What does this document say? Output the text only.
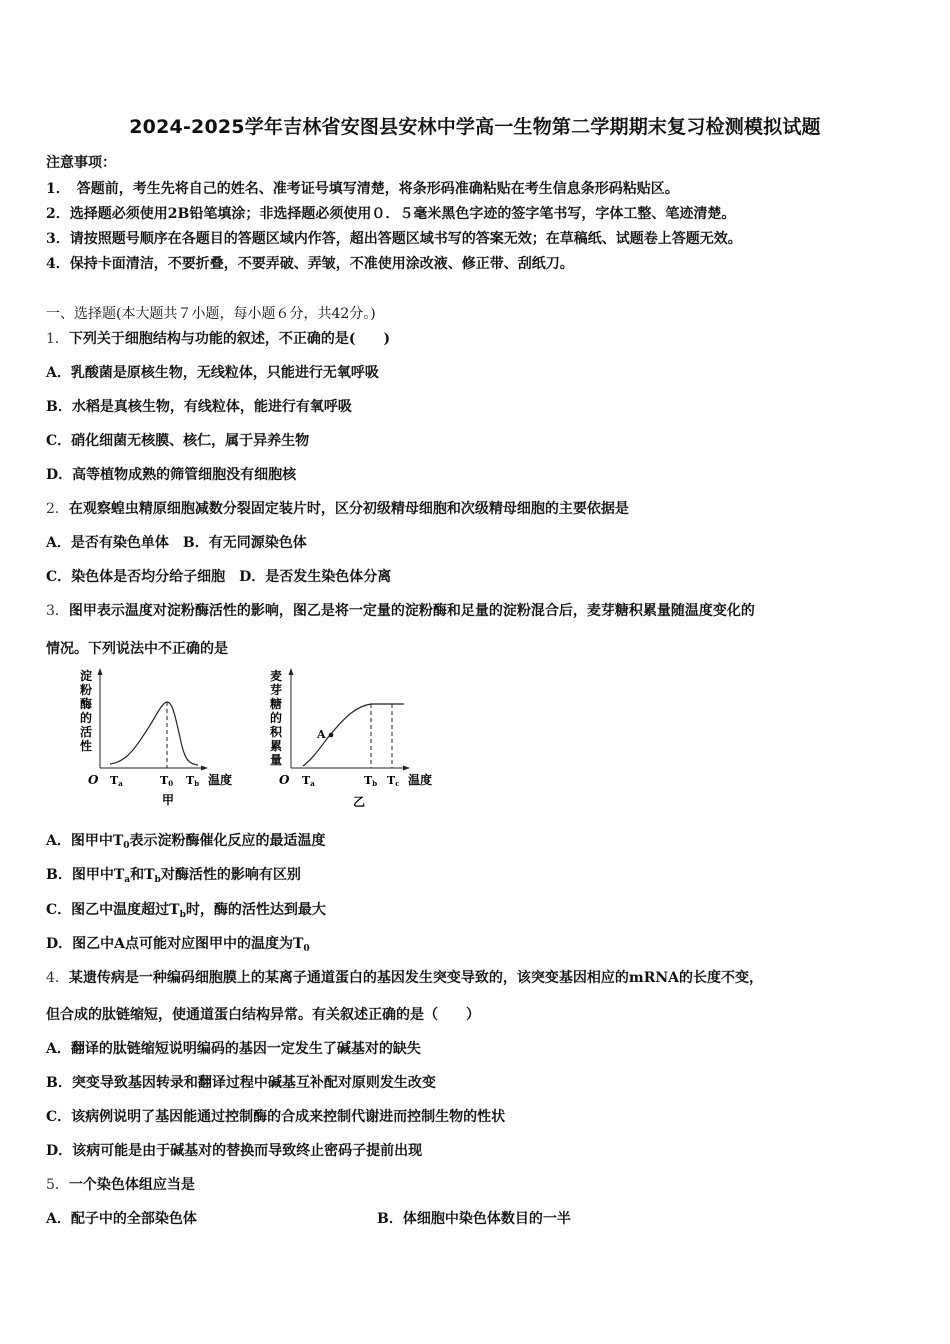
2024-2025学年吉林省安图县安林中学高一生物第二学期期末复习检测模拟试题
注意事项：
1．　答题前，考生先将自己的姓名、准考证号填写清楚，将条形码准确粘贴在考生信息条形码粘贴区。
2．选择题必须使用2B铅笔填涂；非选择题必须使用０．５毫米黑色字迹的签字笔书写，字体工整、笔迹清楚。
3．请按照题号顺序在各题目的答题区域内作答，超出答题区域书写的答案无效；在草稿纸、试题卷上答题无效。
4．保持卡面清洁，不要折叠，不要弄破、弄皱，不准使用涂改液、修正带、刮纸刀。
一、选择题(本大题共７小题，每小题６分，共42分。)
1．下列关于细胞结构与功能的叙述，不正确的是(　　)
A．乳酸菌是原核生物，无线粒体，只能进行无氧呼吸
B．水稻是真核生物，有线粒体，能进行有氧呼吸
C．硝化细菌无核膜、核仁，属于异养生物
D．高等植物成熟的筛管细胞没有细胞核
2．在观察蝗虫精原细胞减数分裂固定装片时，区分初级精母细胞和次级精母细胞的主要依据是
A．是否有染色单体　B．有无同源染色体
C．染色体是否均分给子细胞　D．是否发生染色体分离
3．图甲表示温度对淀粉酶活性的影响，图乙是将一定量的淀粉酶和足量的淀粉混合后，麦芽糖积累量随温度变化的
情况。下列说法中不正确的是
淀
粉
酶
的
活
性
O Ta	T0 Tb 温度
甲
麦
芽
糖
的
积
累
量
A
O Ta	Tb Tc 温度
乙
A．图甲中$T_0$表示淀粉酶催化反应的最适温度
B．图甲中$T_a$和$T_b$对酶活性的影响有区别
C．图乙中温度超过$T_b$时，酶的活性达到最大
D．图乙中A点可能对应图甲中的温度为$T_0$
4．某遗传病是一种编码细胞膜上的某离子通道蛋白的基因发生突变导致的，该突变基因相应的mRNA的长度不变，
但合成的肽链缩短，使通道蛋白结构异常。有关叙述正确的是（　　）
A．翻译的肽链缩短说明编码的基因一定发生了碱基对的缺失
B．突变导致基因转录和翻译过程中碱基互补配对原则发生改变
C．该病例说明了基因能通过控制酶的合成来控制代谢进而控制生物的性状
D．该病可能是由于碱基对的替换而导致终止密码子提前出现
5．一个染色体组应当是
A．配子中的全部染色体	B．体细胞中染色体数目的一半
